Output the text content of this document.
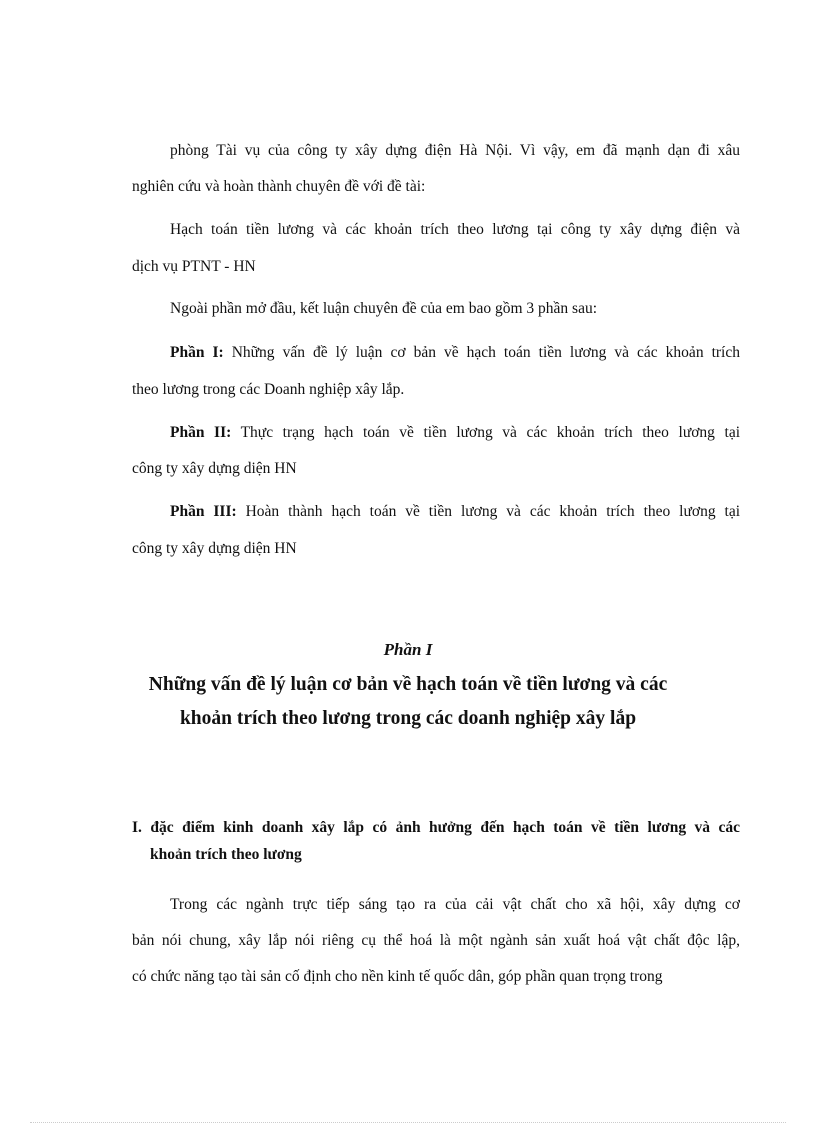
phòng Tài vụ của công ty xây dựng điện Hà Nội. Vì vậy, em đã mạnh dạn đi xâu
nghiên cứu và hoàn thành chuyên đề với đề tài:
Hạch toán tiền lương và các khoản trích theo lương tại công ty xây dựng điện và
dịch vụ PTNT - HN
Ngoài phần mở đầu, kết luận chuyên đề của em bao gồm 3 phần sau:
Phần I: Những vấn đề lý luận cơ bản về hạch toán tiền lương và các khoản trích
theo lương trong các Doanh nghiệp xây lắp.
Phần II: Thực trạng hạch toán về tiền lương và các khoản trích theo lương tại
công ty xây dựng diện HN
Phần III: Hoàn thành hạch toán về tiền lương và các khoản trích theo lương tại
công ty xây dựng diện HN
Phần I
Những vấn đề lý luận cơ bản về hạch toán về tiền lương và các
khoản trích theo lương trong các doanh nghiệp xây lắp
I. đặc điểm kinh doanh xây lắp có ảnh hưởng đến hạch toán về tiền lương và các
khoản trích theo lương
Trong các ngành trực tiếp sáng tạo ra của cải vật chất cho xã hội, xây dựng cơ
bản nói chung, xây lắp nói riêng cụ thể hoá là một ngành sản xuất hoá vật chất độc lập,
có chức năng tạo tài sản cố định cho nền kinh tế quốc dân, góp phần quan trọng trong
